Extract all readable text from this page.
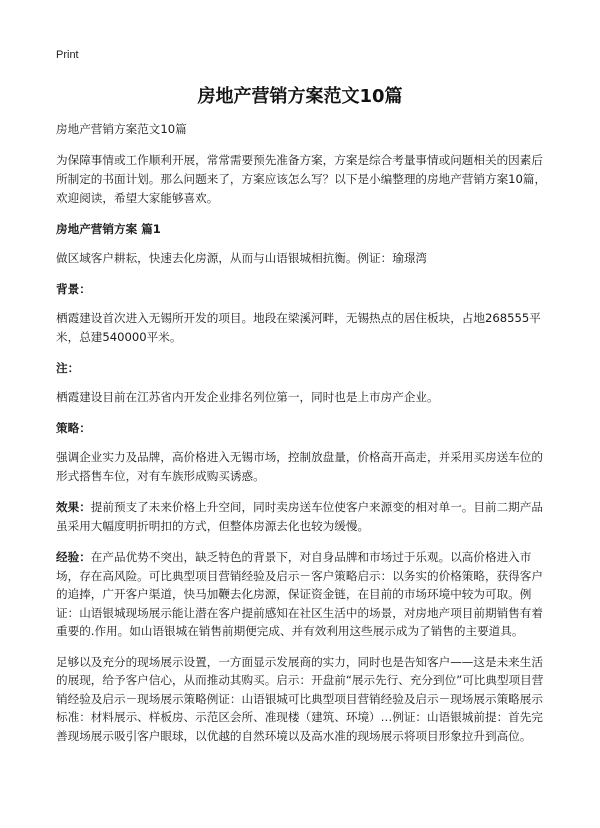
Print
房地产营销方案范文10篇

房地产营销方案范文10篇

为保障事情或工作顺利开展，常常需要预先准备方案，方案是综合考量事情或问题相关的因素后所制定的书面计划。那么问题来了，方案应该怎么写？以下是小编整理的房地产营销方案10篇，欢迎阅读，希望大家能够喜欢。

房地产营销方案 篇1

做区域客户耕耘，快速去化房源，从而与山语银城相抗衡。例证：瑜璟湾

背景：

栖霞建设首次进入无锡所开发的项目。地段在梁溪河畔，无锡热点的居住板块，占地268555平米，总建540000平米。

注：

栖霞建设目前在江苏省内开发企业排名列位第一，同时也是上市房产企业。

策略：

强调企业实力及品牌，高价格进入无锡市场，控制放盘量，价格高开高走，并采用买房送车位的形式搭售车位，对有车族形成购买诱惑。

效果：提前预支了未来价格上升空间，同时卖房送车位使客户来源变的相对单一。目前二期产品虽采用大幅度明折明扣的方式，但整体房源去化也较为缓慢。

经验：在产品优势不突出，缺乏特色的背景下，对自身品牌和市场过于乐观。以高价格进入市场，存在高风险。可比典型项目营销经验及启示－客户策略启示：以务实的价格策略，获得客户的追捧，广开客户渠道，快马加鞭去化房源，保证资金链，在目前的市场环境中较为可取。例证：山语银城现场展示能让潜在客户提前感知在社区生活中的场景，对房地产项目前期销售有着重要的.作用。如山语银城在销售前期便完成、并有效利用这些展示成为了销售的主要道具。

足够以及充分的现场展示设置，一方面显示发展商的实力，同时也是告知客户——这是未来生活的展现，给予客户信心，从而推动其购买。启示：开盘前“展示先行、充分到位”可比典型项目营销经验及启示－现场展示策略例证：山语银城可比典型项目营销经验及启示－现场展示策略展示标准：材料展示、样板房、示范区会所、准现楼（建筑、环境）…例证：山语银城前提：首先完善现场展示吸引客户眼球，以优越的自然环境以及高水准的现场展示将项目形象拉升到高位。
